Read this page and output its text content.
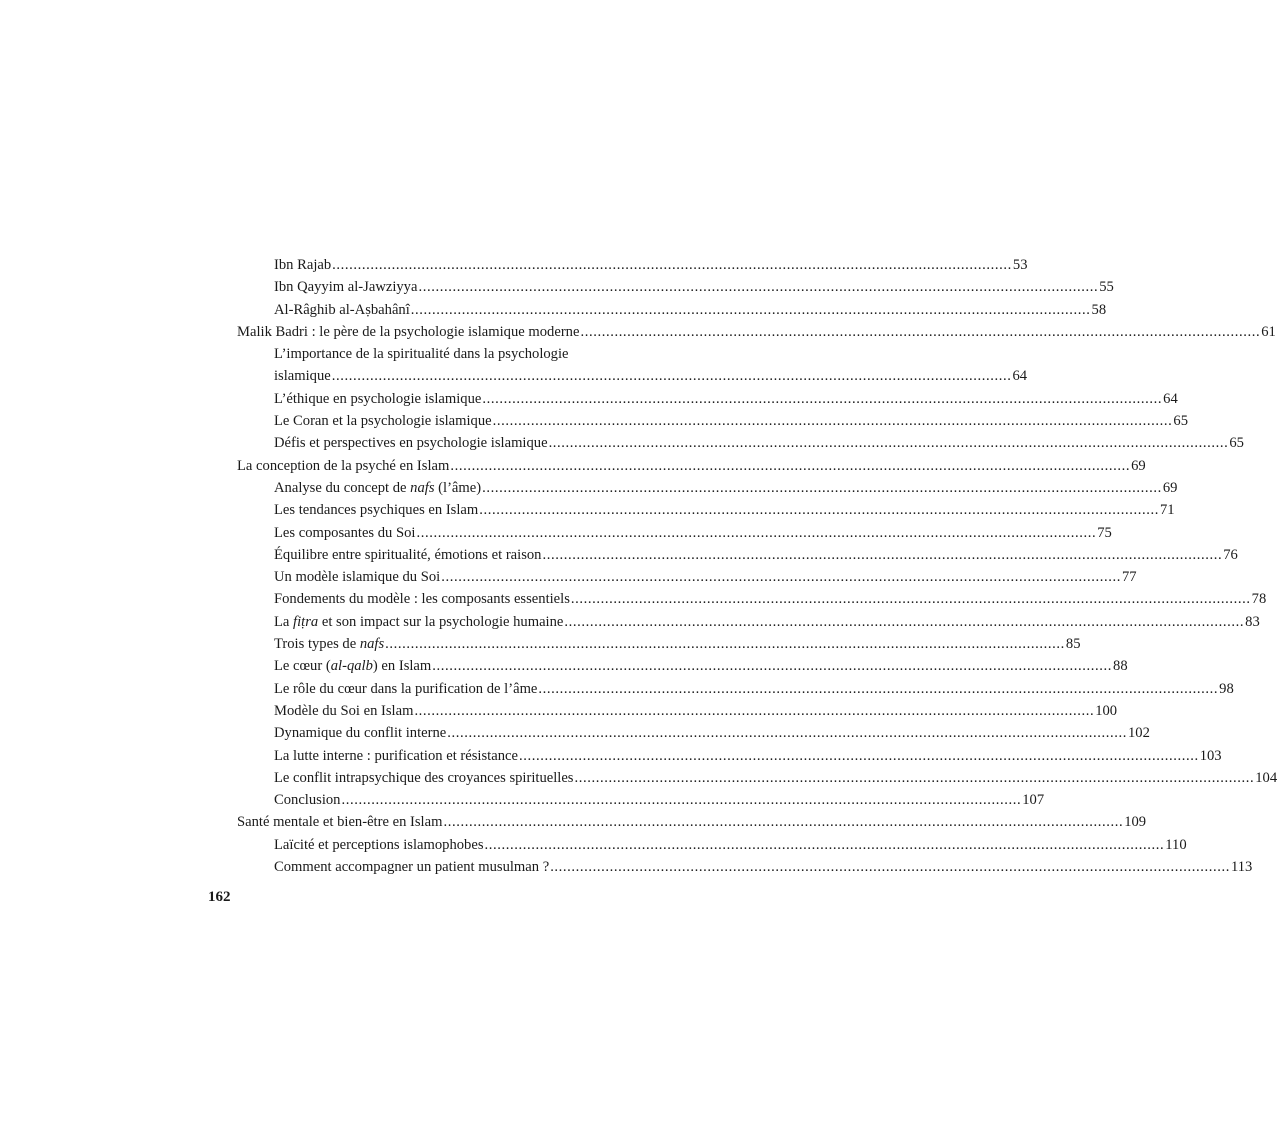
Ibn Rajab .....	53
Ibn Qayyim al-Jawziyya .....	55
Al-Râghib al-Aṣbahânî .....	58
Malik Badri : le père de la psychologie islamique moderne .....	61
L’importance de la spiritualité dans la psychologie
islamique .....	64
L’éthique en psychologie islamique .....	64
Le Coran et la psychologie islamique .....	65
Défis et perspectives en psychologie islamique .....	65
La conception de la psyché en Islam .....	69
Analyse du concept de nafs (l’âme) .....	69
Les tendances psychiques en Islam .....	71
Les composantes du Soi .....	75
Équilibre entre spiritualité, émotions et raison .....	76
Un modèle islamique du Soi .....	77
Fondements du modèle : les composants essentiels .....	78
La fiṭra et son impact sur la psychologie humaine .....	83
Trois types de nafs .....	85
Le cœur (al-qalb) en Islam .....	88
Le rôle du cœur dans la purification de l’âme .....	98
Modèle du Soi en Islam .....	100
Dynamique du conflit interne .....	102
La lutte interne : purification et résistance .....	103
Le conflit intrapsychique des croyances spirituelles .....	104
Conclusion .....	107
Santé mentale et bien-être en Islam .....	109
Laïcité et perceptions islamophobes .....	110
Comment accompagner un patient musulman ? .....	113
162
